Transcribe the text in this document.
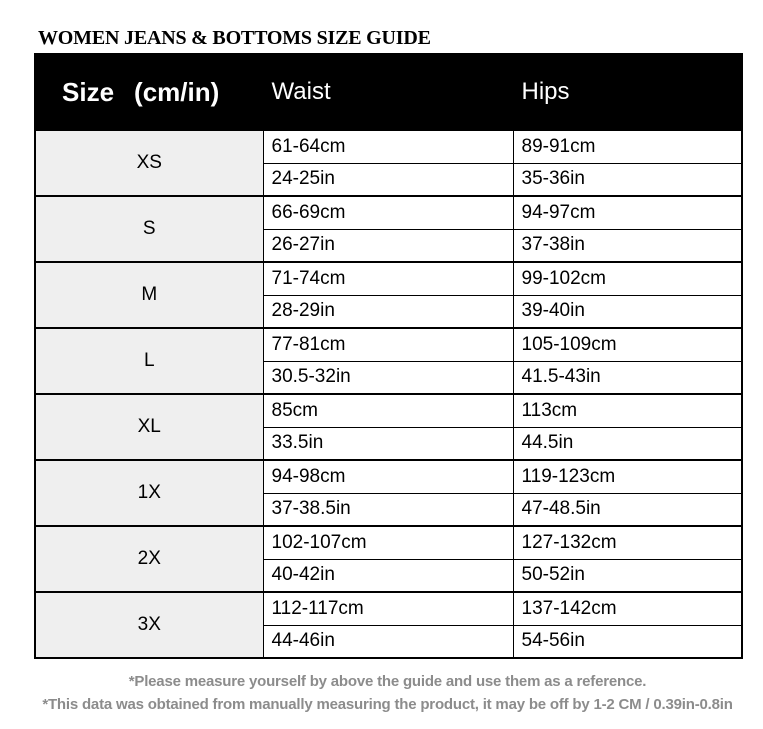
WOMEN JEANS & BOTTOMS SIZE GUIDE
Size (cm/in)	Waist	Hips
XS	61-64cm	89-91cm
	24-25in	35-36in
S	66-69cm	94-97cm
	26-27in	37-38in
M	71-74cm	99-102cm
	28-29in	39-40in
L	77-81cm	105-109cm
	30.5-32in	41.5-43in
XL	85cm	113cm
	33.5in	44.5in
1X	94-98cm	119-123cm
	37-38.5in	47-48.5in
2X	102-107cm	127-132cm
	40-42in	50-52in
3X	112-117cm	137-142cm
	44-46in	54-56in
*Please measure yourself by above the guide and use them as a reference.
*This data was obtained from manually measuring the product, it may be off by 1-2 CM / 0.39in-0.8in
